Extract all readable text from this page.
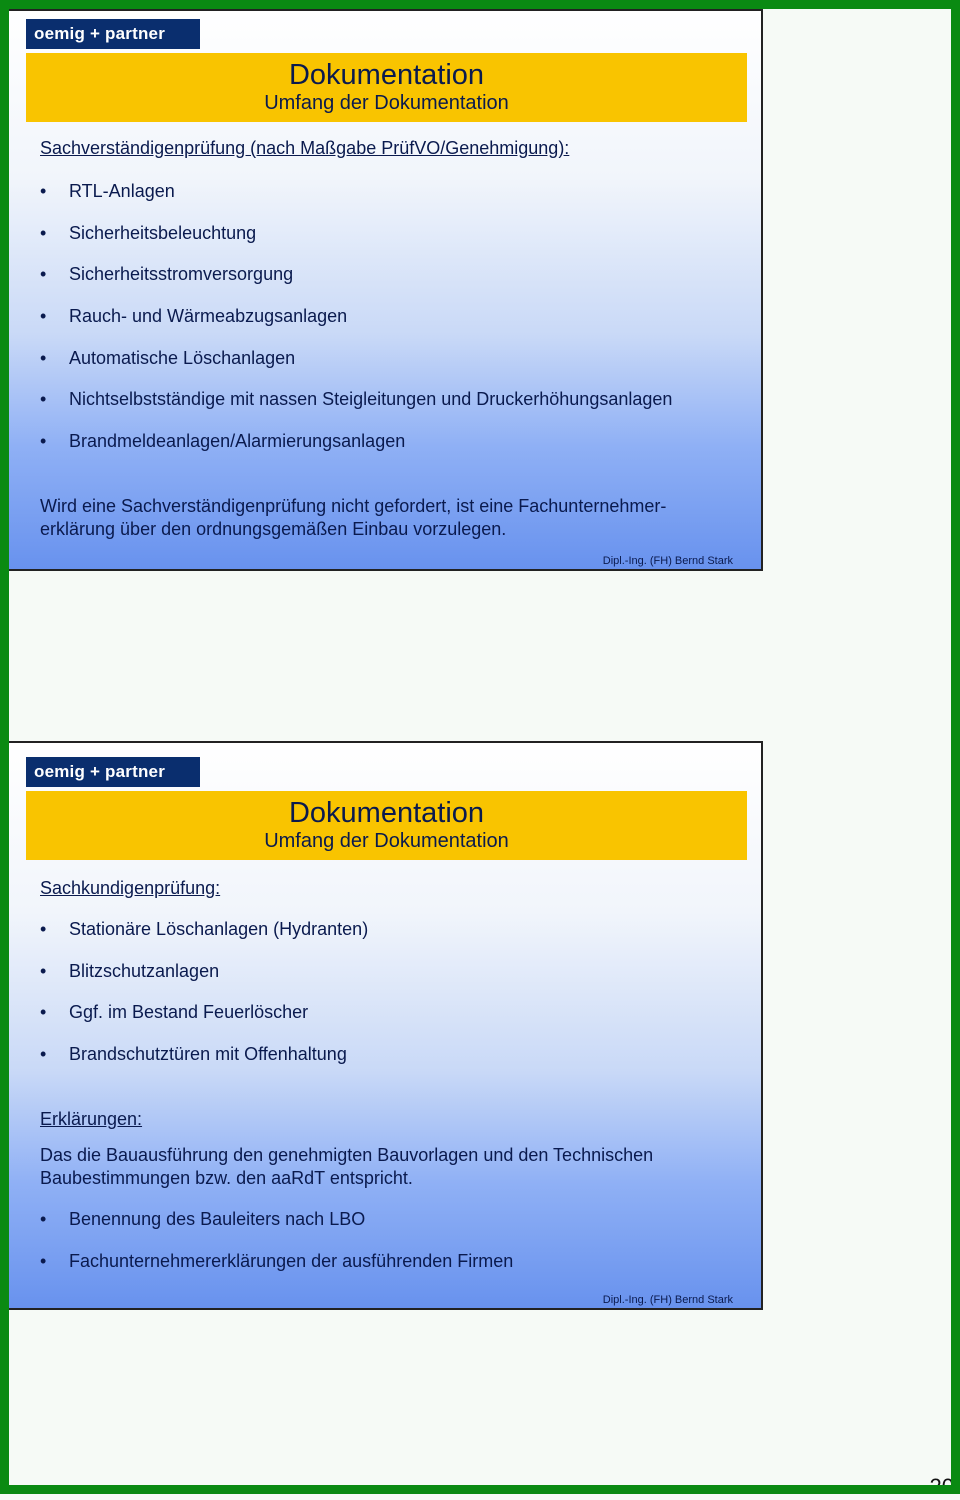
oemig + partner
Dokumentation
Umfang der Dokumentation
Sachverständigenprüfung (nach Maßgabe PrüfVO/Genehmigung):
• RTL-Anlagen
• Sicherheitsbeleuchtung
• Sicherheitsstromversorgung
• Rauch- und Wärmeabzugsanlagen
• Automatische Löschanlagen
• Nichtselbstständige mit nassen Steigleitungen und Druckerhöhungsanlagen
• Brandmeldeanlagen/Alarmierungsanlagen
Wird eine Sachverständigenprüfung nicht gefordert, ist eine Fachunternehmer-
erklärung über den ordnungsgemäßen Einbau vorzulegen.
Dipl.-Ing. (FH) Bernd Stark
oemig + partner
Dokumentation
Umfang der Dokumentation
Sachkundigenprüfung:
• Stationäre Löschanlagen (Hydranten)
• Blitzschutzanlagen
• Ggf. im Bestand Feuerlöscher
• Brandschutztüren mit Offenhaltung
Erklärungen:
Das die Bauausführung den genehmigten Bauvorlagen und den Technischen
Baubestimmungen bzw. den aaRdT entspricht.
• Benennung des Bauleiters nach LBO
• Fachunternehmererklärungen der ausführenden Firmen
Dipl.-Ing. (FH) Bernd Stark
20
